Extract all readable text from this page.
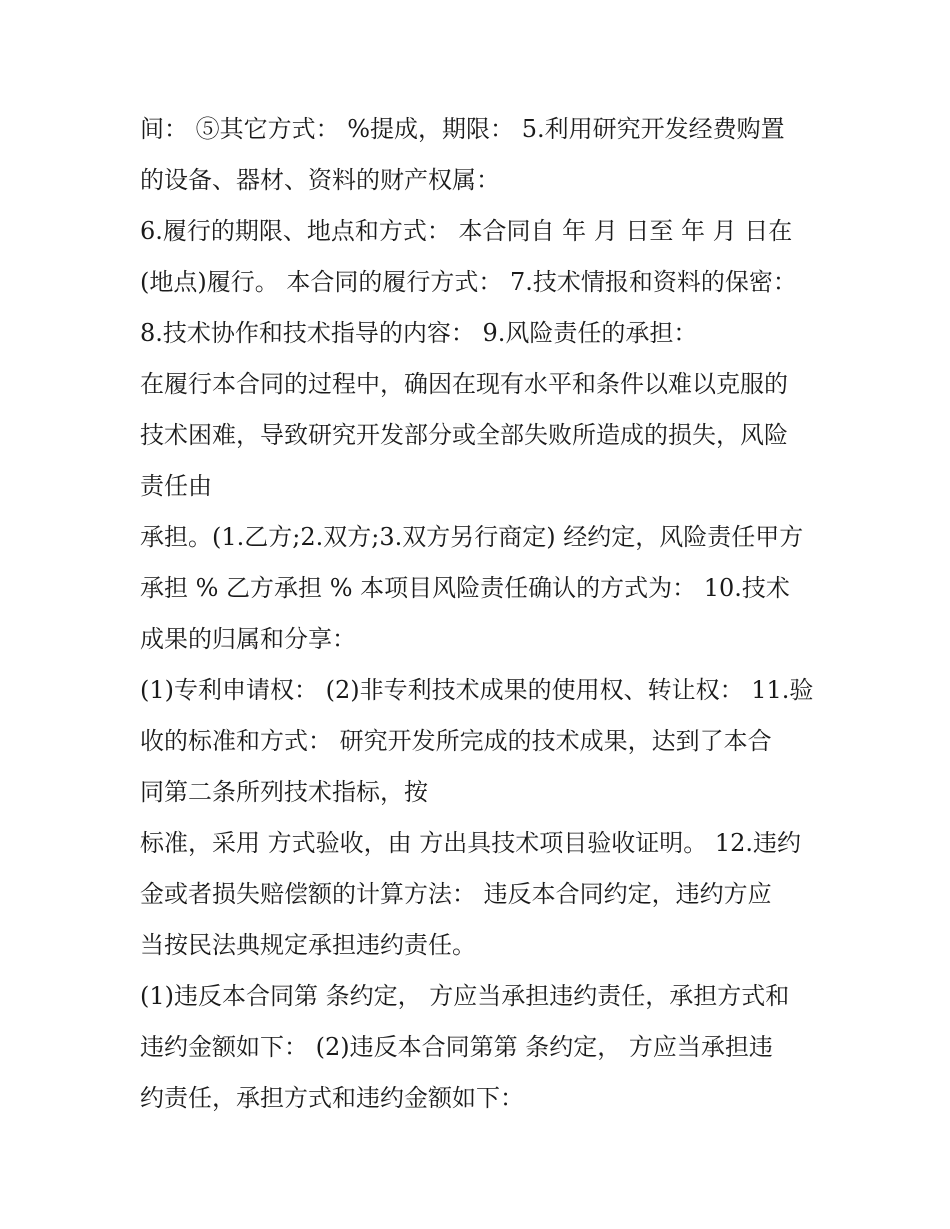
间： ⑤其它方式： %提成，期限： 5.利用研究开发经费购置
的设备、器材、资料的财产权属：
6.履行的期限、地点和方式： 本合同自 年 月 日至 年 月 日在
(地点)履行。 本合同的履行方式： 7.技术情报和资料的保密：
8.技术协作和技术指导的内容： 9.风险责任的承担：
在履行本合同的过程中，确因在现有水平和条件以难以克服的
技术困难，导致研究开发部分或全部失败所造成的损失，风险
责任由
承担。(1.乙方;2.双方;3.双方另行商定) 经约定，风险责任甲方
承担 % 乙方承担 % 本项目风险责任确认的方式为： 10.技术
成果的归属和分享：
(1)专利申请权： (2)非专利技术成果的使用权、转让权： 11.验
收的标准和方式： 研究开发所完成的技术成果，达到了本合
同第二条所列技术指标，按
标准，采用 方式验收，由 方出具技术项目验收证明。 12.违约
金或者损失赔偿额的计算方法： 违反本合同约定，违约方应
当按民法典规定承担违约责任。
(1)违反本合同第 条约定， 方应当承担违约责任，承担方式和
违约金额如下： (2)违反本合同第第 条约定， 方应当承担违
约责任，承担方式和违约金额如下：
